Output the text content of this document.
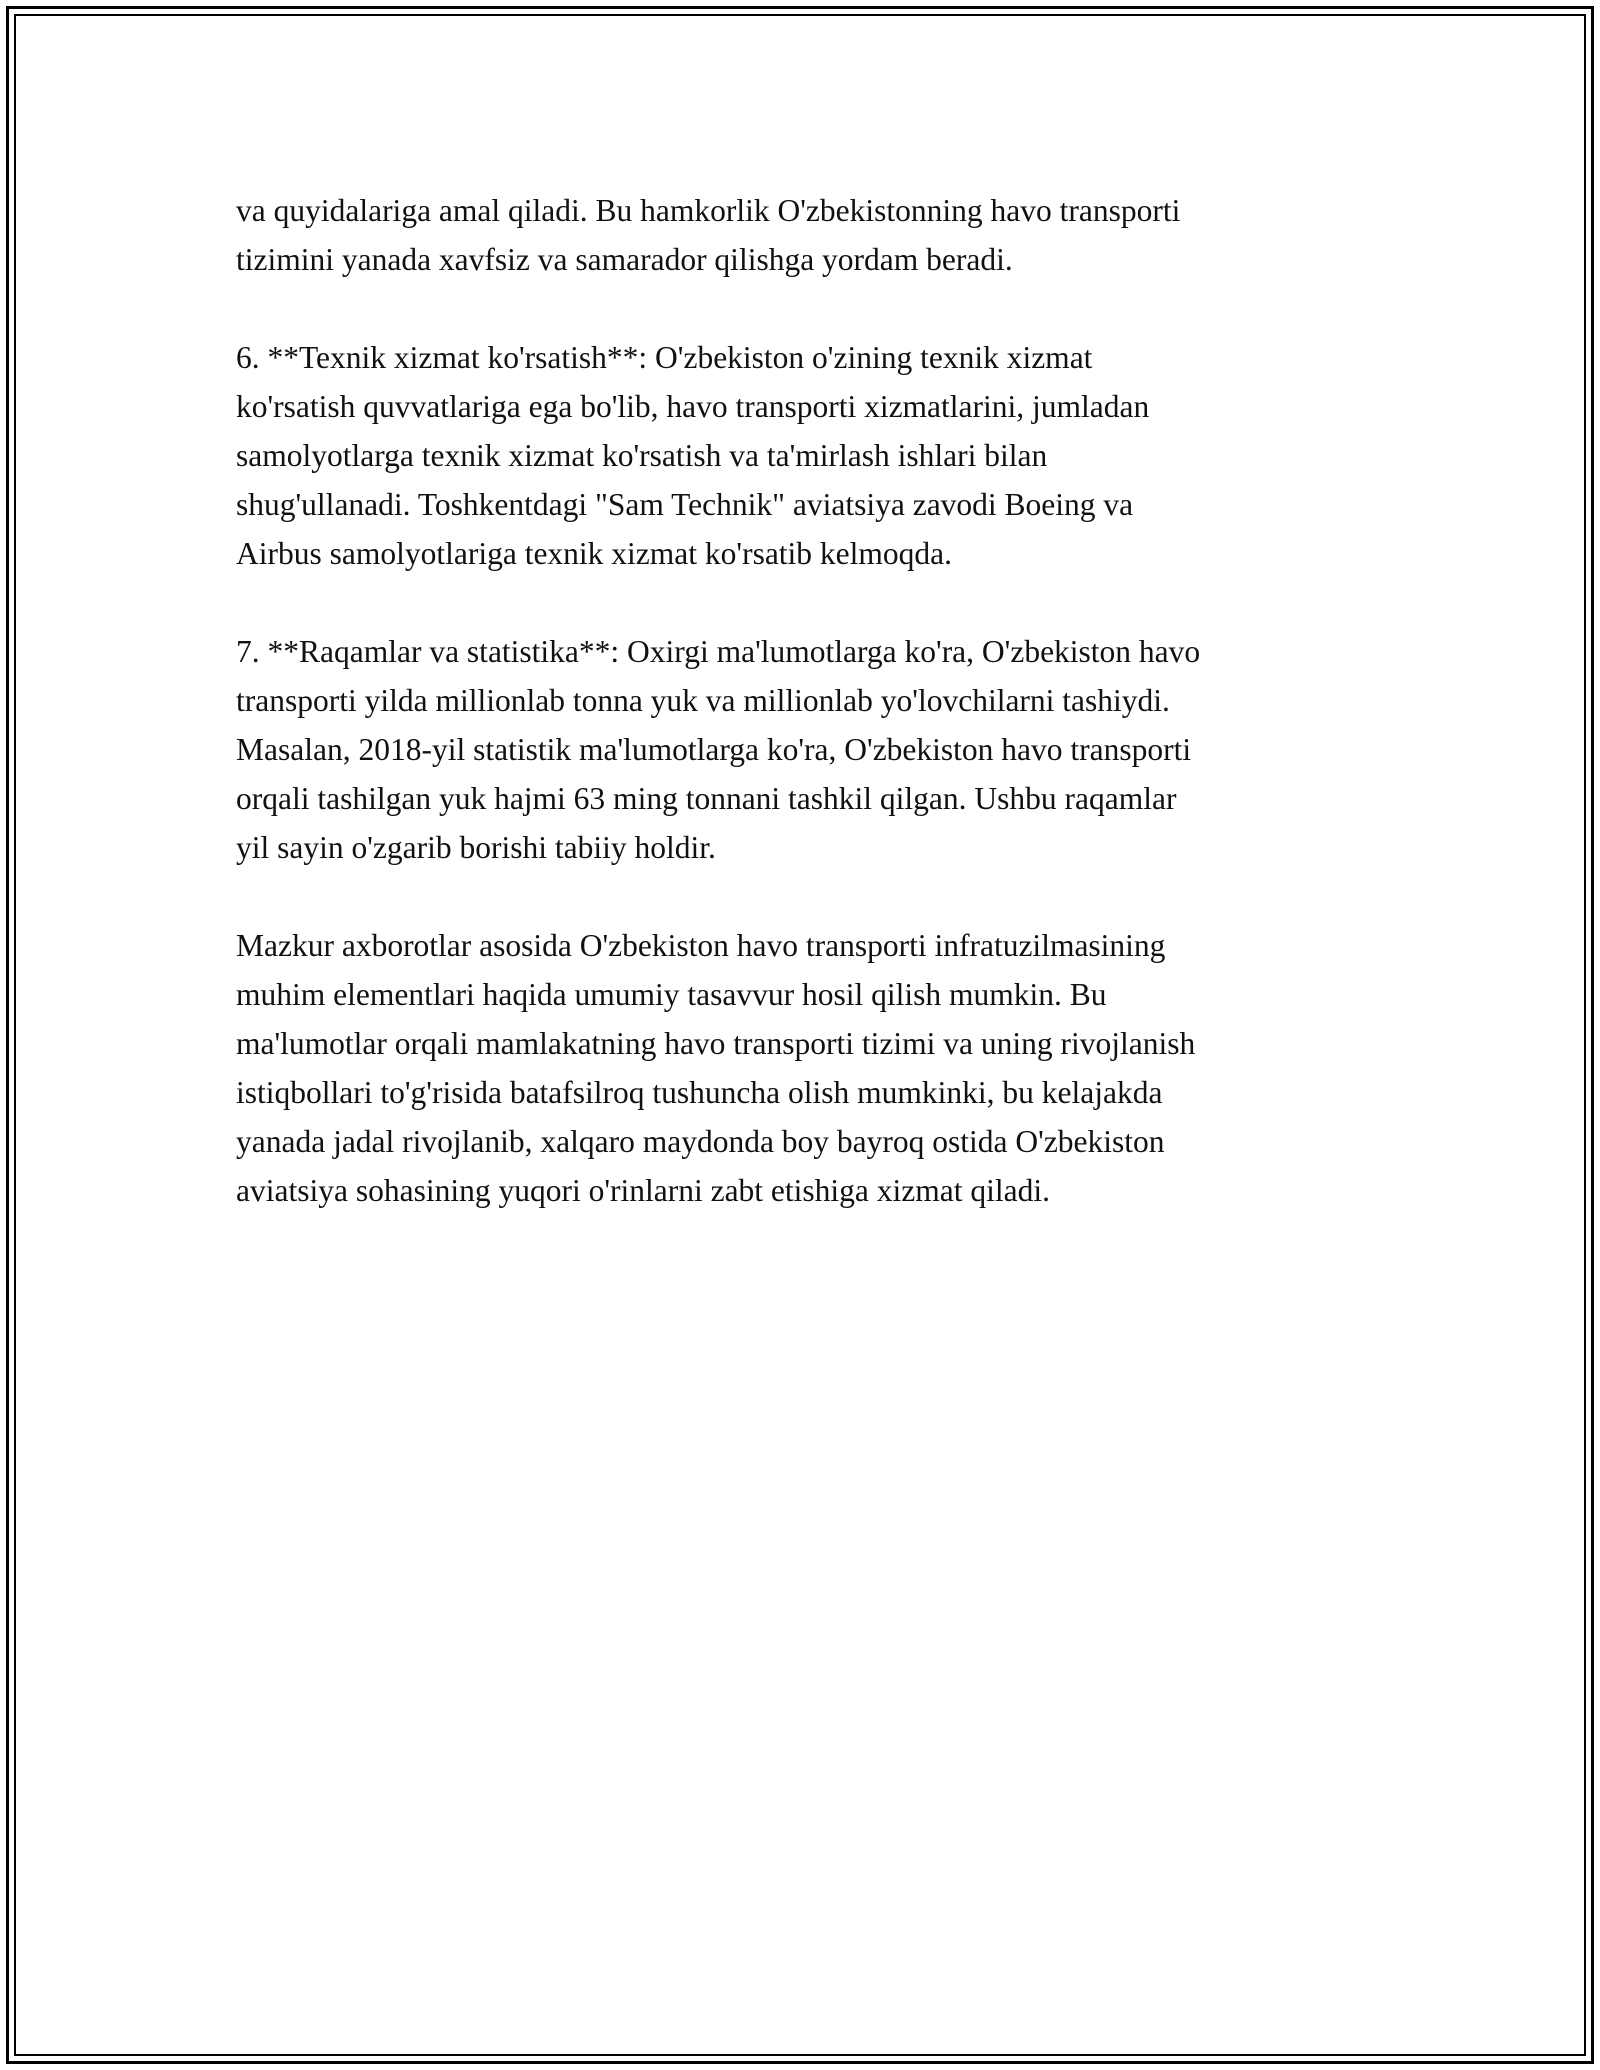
va quyidalariga amal qiladi. Bu hamkorlik O'zbekistonning havo transporti
tizimini yanada xavfsiz va samarador qilishga yordam beradi.

6. **Texnik xizmat ko'rsatish**: O'zbekiston o'zining texnik xizmat
ko'rsatish quvvatlariga ega bo'lib, havo transporti xizmatlarini, jumladan
samolyotlarga texnik xizmat ko'rsatish va ta'mirlash ishlari bilan
shug'ullanadi. Toshkentdagi "Sam Technik" aviatsiya zavodi Boeing va
Airbus samolyotlariga texnik xizmat ko'rsatib kelmoqda.

7. **Raqamlar va statistika**: Oxirgi ma'lumotlarga ko'ra, O'zbekiston havo
transporti yilda millionlab tonna yuk va millionlab yo'lovchilarni tashiydi.
Masalan, 2018-yil statistik ma'lumotlarga ko'ra, O'zbekiston havo transporti
orqali tashilgan yuk hajmi 63 ming tonnani tashkil qilgan. Ushbu raqamlar
yil sayin o'zgarib borishi tabiiy holdir.

Mazkur axborotlar asosida O'zbekiston havo transporti infratuzilmasining
muhim elementlari haqida umumiy tasavvur hosil qilish mumkin. Bu
ma'lumotlar orqali mamlakatning havo transporti tizimi va uning rivojlanish
istiqbollari to'g'risida batafsilroq tushuncha olish mumkinki, bu kelajakda
yanada jadal rivojlanib, xalqaro maydonda boy bayroq ostida O'zbekiston
aviatsiya sohasining yuqori o'rinlarni zabt etishiga xizmat qiladi.
